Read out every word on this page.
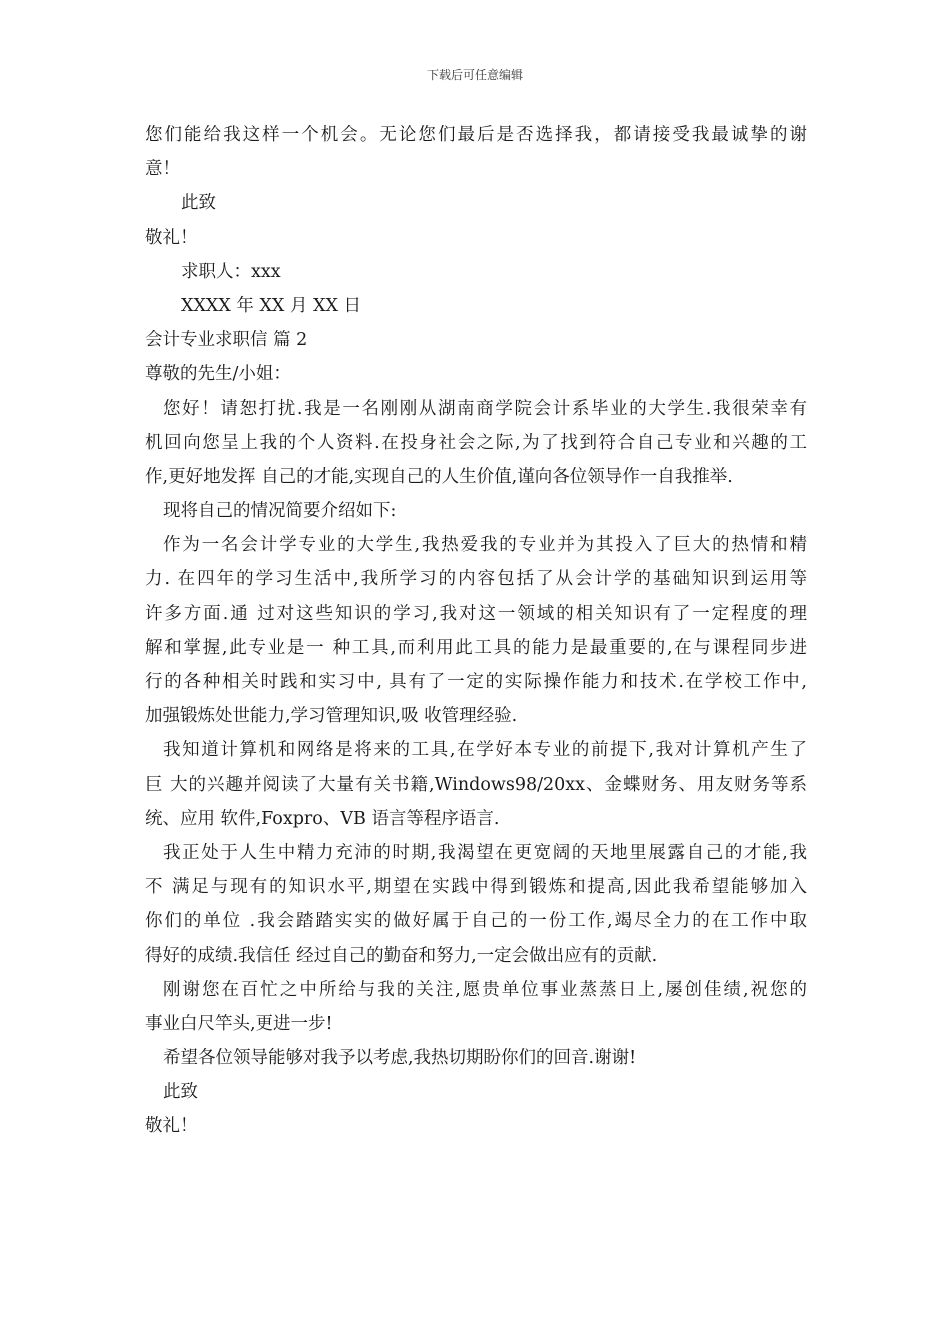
下载后可任意编辑
您们能给我这样一个机会。无论您们最后是否选择我，都请接受我最诚挚的谢
意！
此致
敬礼！
求职人：xxx
XXXX 年 XX 月 XX 日
会计专业求职信 篇 2
尊敬的先生/小姐：
您好！请恕打扰.我是一名刚刚从湖南商学院会计系毕业的大学生.我很荣幸有
机回向您呈上我的个人资料.在投身社会之际,为了找到符合自己专业和兴趣的工
作,更好地发挥 自己的才能,实现自己的人生价值,谨向各位领导作一自我推举.
现将自己的情况简要介绍如下:
作为一名会计学专业的大学生,我热爱我的专业并为其投入了巨大的热情和精
力. 在四年的学习生活中,我所学习的内容包括了从会计学的基础知识到运用等
许多方面.通 过对这些知识的学习,我对这一领域的相关知识有了一定程度的理
解和掌握,此专业是一 种工具,而利用此工具的能力是最重要的,在与课程同步进
行的各种相关时践和实习中, 具有了一定的实际操作能力和技术.在学校工作中,
加强锻炼处世能力,学习管理知识,吸 收管理经验.
我知道计算机和网络是将来的工具,在学好本专业的前提下,我对计算机产生了
巨 大的兴趣并阅读了大量有关书籍,Windows98/20xx、金蝶财务、用友财务等系
统、应用 软件,Foxpro、VB 语言等程序语言.
我正处于人生中精力充沛的时期,我渴望在更宽阔的天地里展露自己的才能,我
不 满足与现有的知识水平,期望在实践中得到锻炼和提高,因此我希望能够加入
你们的单位 .我会踏踏实实的做好属于自己的一份工作,竭尽全力的在工作中取
得好的成绩.我信任 经过自己的勤奋和努力,一定会做出应有的贡献.
刚谢您在百忙之中所给与我的关注,愿贵单位事业蒸蒸日上,屡创佳绩,祝您的
事业白尺竿头,更进一步!
希望各位领导能够对我予以考虑,我热切期盼你们的回音.谢谢!
此致
敬礼！
